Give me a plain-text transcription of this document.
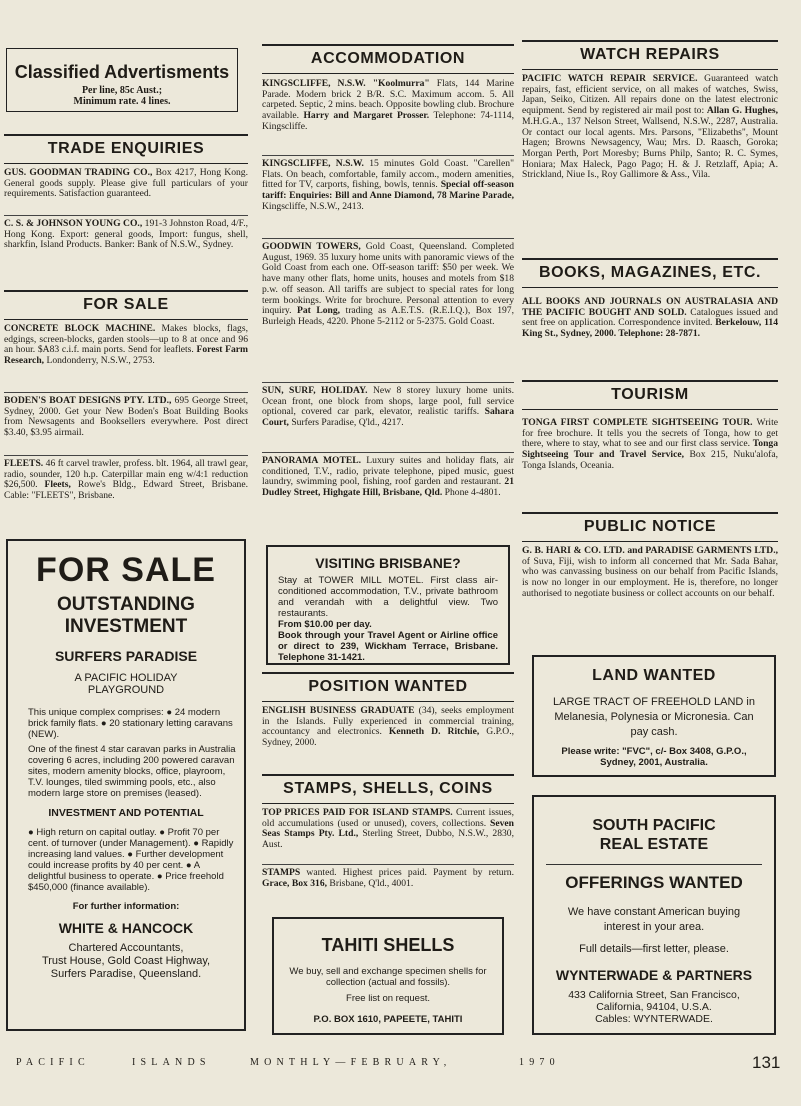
Classified Advertisments
Per line, 85c Aust.;
Minimum rate. 4 lines.
TRADE ENQUIRIES
GUS. GOODMAN TRADING CO., Box 4217, Hong Kong. General goods supply. Please give full particulars of your requirements. Satisfaction guaranteed.
C. S. & JOHNSON YOUNG CO., 191-3 Johnston Road, 4/F., Hong Kong. Export: general goods, Import: fungus, shell, sharkfin, Island Products. Banker: Bank of N.S.W., Sydney.
FOR SALE
CONCRETE BLOCK MACHINE. Makes blocks, flags, edgings, screen-blocks, garden stools—up to 8 at once and 96 an hour. $A83 c.i.f. main ports. Send for leaflets. Forest Farm Research, Londonderry, N.S.W., 2753.
BODEN'S BOAT DESIGNS PTY. LTD., 695 George Street, Sydney, 2000. Get your New Boden's Boat Building Books from Newsagents and Booksellers everywhere. Post direct $3.40, $3.95 airmail.
FLEETS. 46 ft carvel trawler, profess. blt. 1964, all trawl gear, radio, sounder, 120 h.p. Caterpillar main eng w/4:1 reduction $26,500. Fleets, Rowe's Bldg., Edward Street, Brisbane. Cable: "FLEETS", Brisbane.
FOR SALE
OUTSTANDING
INVESTMENT
SURFERS PARADISE
A PACIFIC HOLIDAY
PLAYGROUND
This unique complex comprises: ● 24 modern brick family flats. ● 20 stationary letting caravans (NEW).
One of the finest 4 star caravan parks in Australia covering 6 acres, including 200 powered caravan sites, modern amenity blocks, office, playroom, T.V. lounges, tiled swimming pools, etc., also modern large store on premises (leased).
INVESTMENT AND POTENTIAL
● High return on capital outlay. ● Profit 70 per cent. of turnover (under Management). ● Rapidly increasing land values. ● Further development could increase profits by 40 per cent. ● A delightful business to operate. ● Price freehold $450,000 (finance available).
For further information:
WHITE & HANCOCK
Chartered Accountants,
Trust House, Gold Coast Highway,
Surfers Paradise, Queensland.
ACCOMMODATION
KINGSCLIFFE, N.S.W. "Koolmurra" Flats, 144 Marine Parade. Modern brick 2 B/R. S.C. Maximum accom. 5. All carpeted. Septic, 2 mins. beach. Opposite bowling club. Brochure available. Harry and Margaret Prosser. Telephone: 74-1114, Kingscliffe.
KINGSCLIFFE, N.S.W. 15 minutes Gold Coast. "Carellen" Flats. On beach, comfortable, family accom., modern amenities, fitted for TV, carports, fishing, bowls, tennis. Special off-season tariff: Enquiries: Bill and Anne Diamond, 78 Marine Parade, Kingscliffe, N.S.W., 2413.
GOODWIN TOWERS, Gold Coast, Queensland. Completed August, 1969. 35 luxury home units with panoramic views of the Gold Coast from each one. Off-season tariff: $50 per week. We have many other flats, home units, houses and motels from $18 p.w. off season. All tariffs are subject to special rates for long term bookings. Write for brochure. Personal attention to every inquiry. Pat Long, trading as A.E.T.S. (R.E.I.Q.), Box 197, Burleigh Heads, 4220. Phone 5-2112 or 5-2375. Gold Coast.
SUN, SURF, HOLIDAY. New 8 storey luxury home units. Ocean front, one block from shops, large pool, full service optional, covered car park, elevator, realistic tariffs. Sahara Court, Surfers Paradise, Q'ld., 4217.
PANORAMA MOTEL. Luxury suites and holiday flats, air conditioned, T.V., radio, private telephone, piped music, guest laundry, swimming pool, fishing, roof garden and restaurant. 21 Dudley Street, Highgate Hill, Brisbane, Qld. Phone 4-4801.
VISITING BRISBANE?
Stay at TOWER MILL MOTEL. First class air-conditioned accommodation, T.V., private bathroom and verandah with a delightful view. Two restaurants.
From $10.00 per day.
Book through your Travel Agent or Airline office or direct to 239, Wickham Terrace, Brisbane. Telephone 31-1421.
POSITION WANTED
ENGLISH BUSINESS GRADUATE (34), seeks employment in the Islands. Fully experienced in commercial training, accountancy and electronics. Kenneth D. Ritchie, G.P.O., Sydney, 2000.
STAMPS, SHELLS, COINS
TOP PRICES PAID FOR ISLAND STAMPS. Current issues, old accumulations (used or unused), covers, collections. Seven Seas Stamps Pty. Ltd., Sterling Street, Dubbo, N.S.W., 2830, Aust.
STAMPS wanted. Highest prices paid. Payment by return. Grace, Box 316, Brisbane, Q'ld., 4001.
TAHITI SHELLS
We buy, sell and exchange specimen shells for collection (actual and fossils).
Free list on request.
P.O. BOX 1610, PAPEETE, TAHITI
WATCH REPAIRS
PACIFIC WATCH REPAIR SERVICE. Guaranteed watch repairs, fast, efficient service, on all makes of watches, Swiss, Japan, Seiko, Citizen. All repairs done on the latest electronic equipment. Send by registered air mail post to: Allan G. Hughes, M.H.G.A., 137 Nelson Street, Wallsend, N.S.W., 2287, Australia. Or contact our local agents. Mrs. Parsons, "Elizabeths", Mount Hagen; Browns Newsagency, Wau; Mrs. D. Raasch, Goroka; Morgan Perth, Port Moresby; Burns Philp, Santo; R. C. Symes, Honiara; Max Haleck, Pago Pago; H. & J. Retzlaff, Apia; A. Strickland, Niue Is., Roy Gallimore & Ass., Vila.
BOOKS, MAGAZINES, ETC.
ALL BOOKS AND JOURNALS ON AUSTRALASIA AND THE PACIFIC BOUGHT AND SOLD. Catalogues issued and sent free on application. Correspondence invited. Berkelouw, 114 King St., Sydney, 2000. Telephone: 28-7871.
TOURISM
TONGA FIRST COMPLETE SIGHTSEEING TOUR. Write for free brochure. It tells you the secrets of Tonga, how to get there, where to stay, what to see and our first class service. Tonga Sightseeing Tour and Travel Service, Box 215, Nuku'alofa, Tonga Islands, Oceania.
PUBLIC NOTICE
G. B. HARI & CO. LTD. and PARADISE GARMENTS LTD., of Suva, Fiji, wish to inform all concerned that Mr. Sada Bahar, who was canvassing business on our behalf from Pacific Islands, is now no longer in our employment. He is, therefore, no longer authorised to negotiate business or collect accounts on our behalf.
LAND WANTED
LARGE TRACT OF FREEHOLD LAND in Melanesia, Polynesia or Micronesia. Can pay cash.
Please write: "FVC", c/- Box 3408, G.P.O., Sydney, 2001, Australia.
SOUTH PACIFIC
REAL ESTATE
OFFERINGS WANTED
We have constant American buying interest in your area.
Full details—first letter, please.
WYNTERWADE & PARTNERS
433 California Street, San Francisco,
California, 94104, U.S.A.
Cables: WYNTERWADE.
PACIFIC	ISLANDS	MONTHLY—FEBRUARY,	1970	131
